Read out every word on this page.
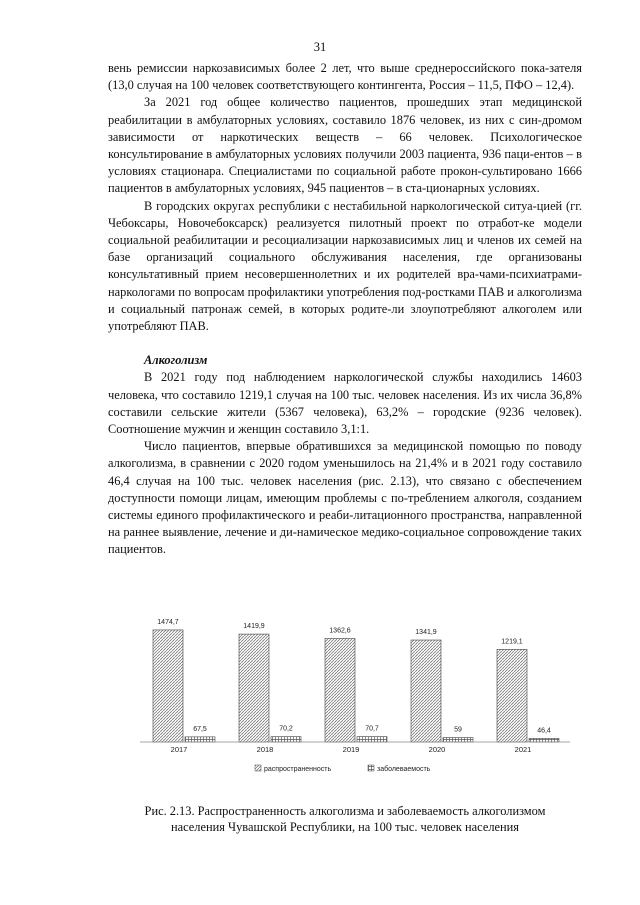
31

вень ремиссии наркозависимых более 2 лет, что выше среднероссийского пока-зателя (13,0 случая на 100 человек соответствующего контингента, Россия – 11,5, ПФО – 12,4).

За 2021 год общее количество пациентов, прошедших этап медицинской реабилитации в амбулаторных условиях, составило 1876 человек, из них с син-дромом зависимости от наркотических веществ – 66 человек. Психологическое консультирование в амбулаторных условиях получили 2003 пациента, 936 паци-ентов – в условиях стационара. Специалистами по социальной работе прокон-сультировано 1666 пациентов в амбулаторных условиях, 945 пациентов – в ста-ционарных условиях.

В городских округах республики с нестабильной наркологической ситуа-цией (гг. Чебоксары, Новочебоксарск) реализуется пилотный проект по отработ-ке модели социальной реабилитации и ресоциализации наркозависимых лиц и членов их семей на базе организаций социального обслуживания населения, где организованы консультативный прием несовершеннолетних и их родителей вра-чами-психиатрами-наркологами по вопросам профилактики употребления под-ростками ПАВ и алкоголизма и социальный патронаж семей, в которых родите-ли злоупотребляют алкоголем или употребляют ПАВ.

Алкоголизм

В 2021 году под наблюдением наркологической службы находились 14603 человека, что составило 1219,1 случая на 100 тыс. человек населения. Из их числа 36,8% составили сельские жители (5367 человека), 63,2% – городские (9236 человек). Соотношение мужчин и женщин составило 3,1:1.

Число пациентов, впервые обратившихся за медицинской помощью по поводу алкоголизма, в сравнении с 2020 годом уменьшилось на 21,4% и в 2021 году составило 46,4 случая на 100 тыс. человек населения (рис. 2.13), что связано с обеспечением доступности помощи лицам, имеющим проблемы с по-треблением алкоголя, созданием системы единого профилактического и реаби-литационного пространства, направленной на раннее выявление, лечение и ди-намическое медико-социальное сопровождение таких пациентов.

1474,7
67,5
2017
1419,9
70,2
2018
1362,6
70,7
2019
1341,9
59
2020
1219,1
46,4
2021
распространенность	заболеваемость

Рис. 2.13. Распространенность алкоголизма и заболеваемость алкоголизмом

населения Чувашской Республики, на 100 тыс. человек населения
